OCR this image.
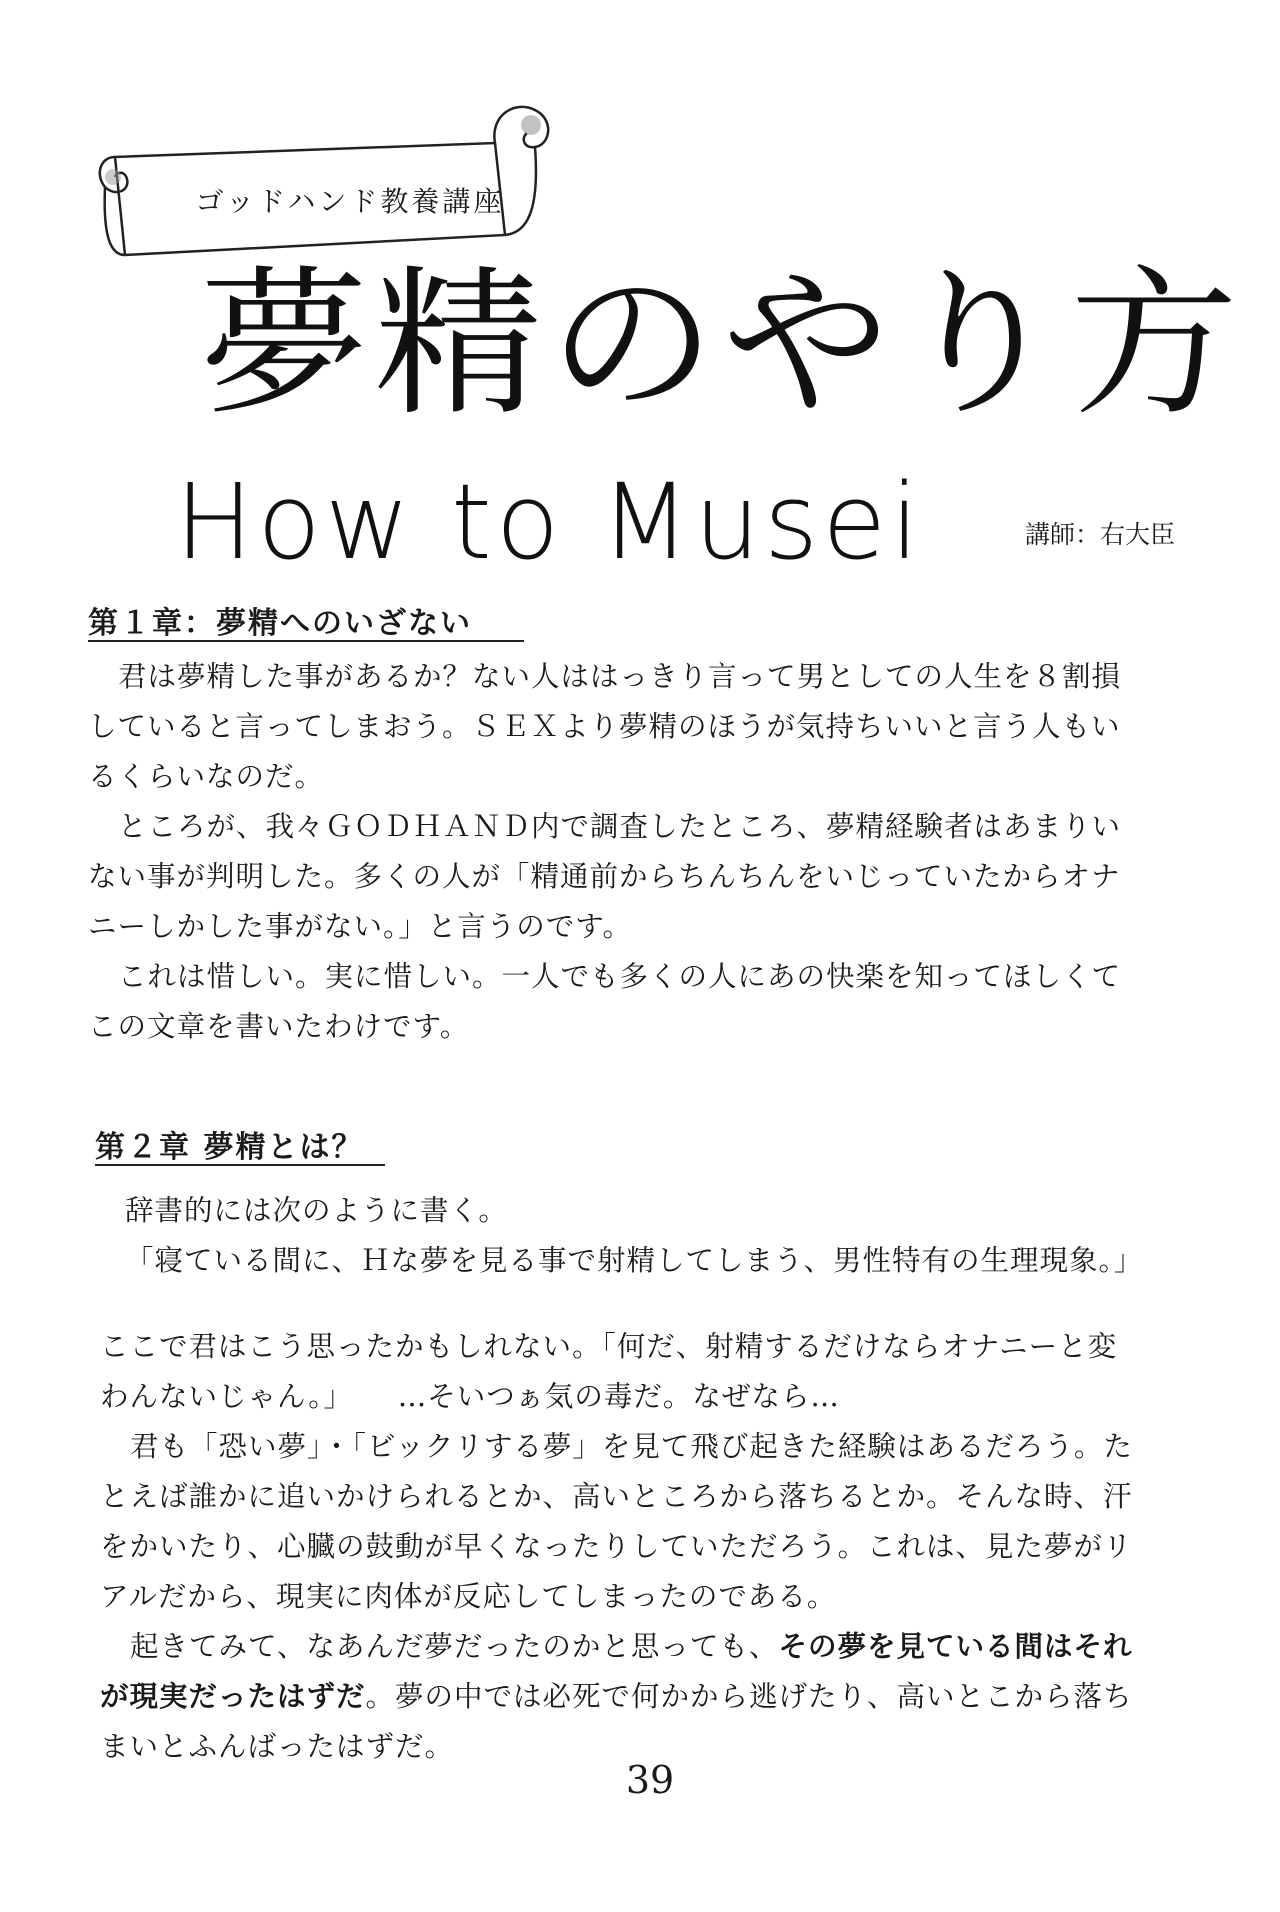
ゴッドハンド教養講座
夢精のやり方
How to Musei	講師：右大臣
第１章：夢精へのいざない
君は夢精した事があるか？ない人ははっきり言って男としての人生を８割損
していると言ってしまおう。ＳＥＸより夢精のほうが気持ちいいと言う人もい
るくらいなのだ。
ところが、我々ＧＯＤＨＡＮＤ内で調査したところ、夢精経験者はあまりい
ない事が判明した。多くの人が「精通前からちんちんをいじっていたからオナ
ニーしかした事がない。」と言うのです。
これは惜しい。実に惜しい。一人でも多くの人にあの快楽を知ってほしくて
この文章を書いたわけです。
第２章 夢精とは？
辞書的には次のように書く。
「寝ている間に、Ｈな夢を見る事で射精してしまう、男性特有の生理現象。」
ここで君はこう思ったかもしれない。「何だ、射精するだけならオナニーと変
わんないじゃん。」　　…そいつぁ気の毒だ。なぜなら…
君も「恐い夢」・「ビックリする夢」を見て飛び起きた経験はあるだろう。た
とえば誰かに追いかけられるとか、高いところから落ちるとか。そんな時、汗
をかいたり、心臓の鼓動が早くなったりしていただろう。これは、見た夢がリ
アルだから、現実に肉体が反応してしまったのである。
起きてみて、なあんだ夢だったのかと思っても、その夢を見ている間はそれ
が現実だったはずだ。夢の中では必死で何かから逃げたり、高いとこから落ち
まいとふんばったはずだ。
39
